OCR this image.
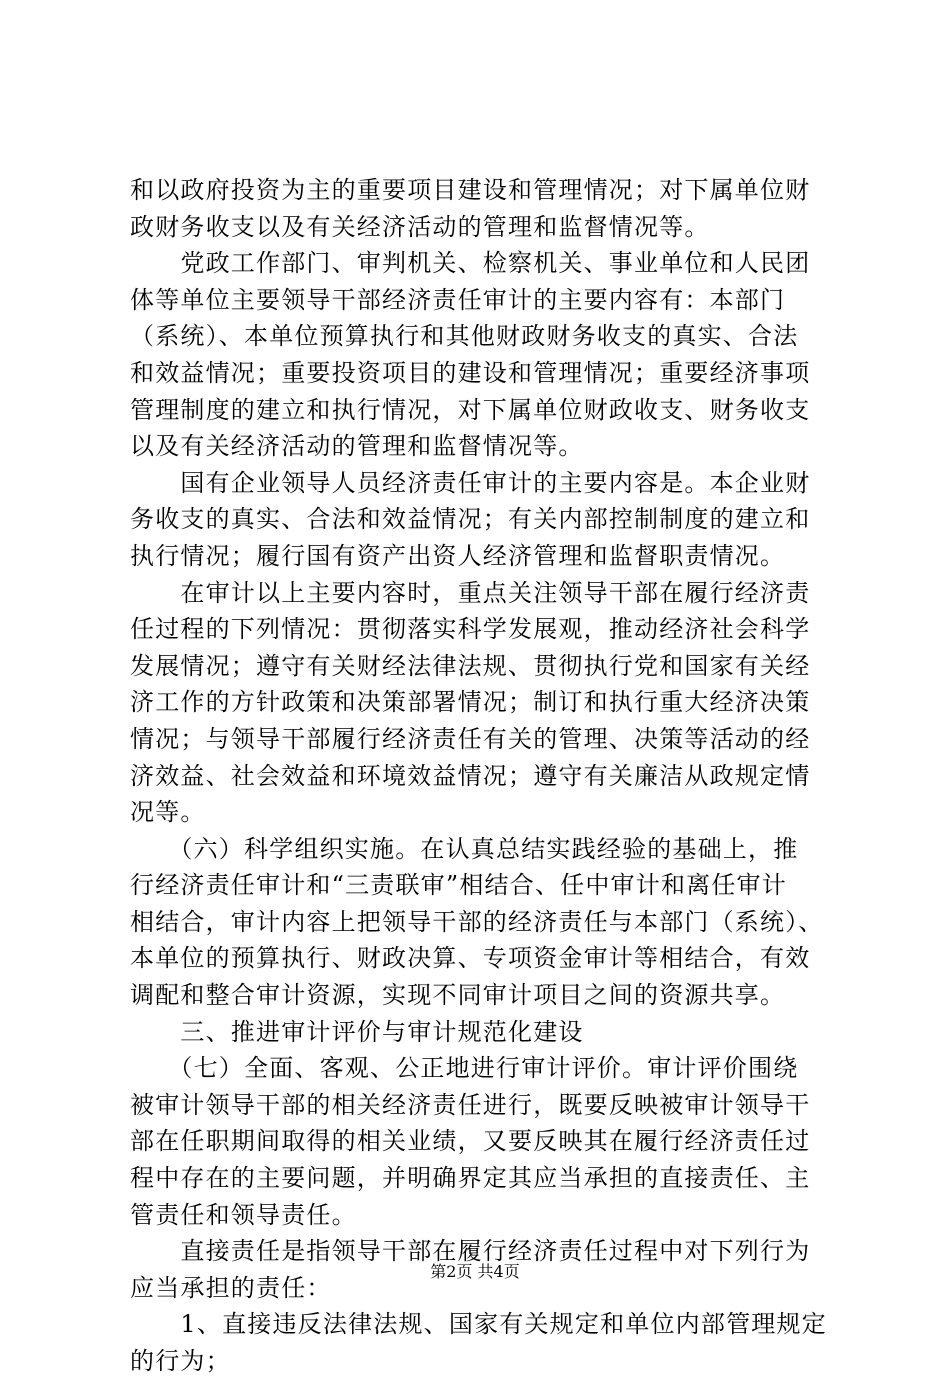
和以政府投资为主的重要项目建设和管理情况；对下属单位财
政财务收支以及有关经济活动的管理和监督情况等。
　　党政工作部门、审判机关、检察机关、事业单位和人民团
体等单位主要领导干部经济责任审计的主要内容有：本部门
（系统）、本单位预算执行和其他财政财务收支的真实、合法
和效益情况；重要投资项目的建设和管理情况；重要经济事项
管理制度的建立和执行情况，对下属单位财政收支、财务收支
以及有关经济活动的管理和监督情况等。
　　国有企业领导人员经济责任审计的主要内容是。本企业财
务收支的真实、合法和效益情况；有关内部控制制度的建立和
执行情况；履行国有资产出资人经济管理和监督职责情况。
　　在审计以上主要内容时，重点关注领导干部在履行经济责
任过程的下列情况：贯彻落实科学发展观，推动经济社会科学
发展情况；遵守有关财经法律法规、贯彻执行党和国家有关经
济工作的方针政策和决策部署情况；制订和执行重大经济决策
情况；与领导干部履行经济责任有关的管理、决策等活动的经
济效益、社会效益和环境效益情况；遵守有关廉洁从政规定情
况等。
　　（六）科学组织实施。在认真总结实践经验的基础上，推
行经济责任审计和“三责联审”相结合、任中审计和离任审计
相结合，审计内容上把领导干部的经济责任与本部门（系统）、
本单位的预算执行、财政决算、专项资金审计等相结合，有效
调配和整合审计资源，实现不同审计项目之间的资源共享。
　　三、推进审计评价与审计规范化建设
　　（七）全面、客观、公正地进行审计评价。审计评价围绕
被审计领导干部的相关经济责任进行，既要反映被审计领导干
部在任职期间取得的相关业绩，又要反映其在履行经济责任过
程中存在的主要问题，并明确界定其应当承担的直接责任、主
管责任和领导责任。
　　直接责任是指领导干部在履行经济责任过程中对下列行为
应当承担的责任：
　　1、直接违反法律法规、国家有关规定和单位内部管理规定
的行为；
第2页 共4页
